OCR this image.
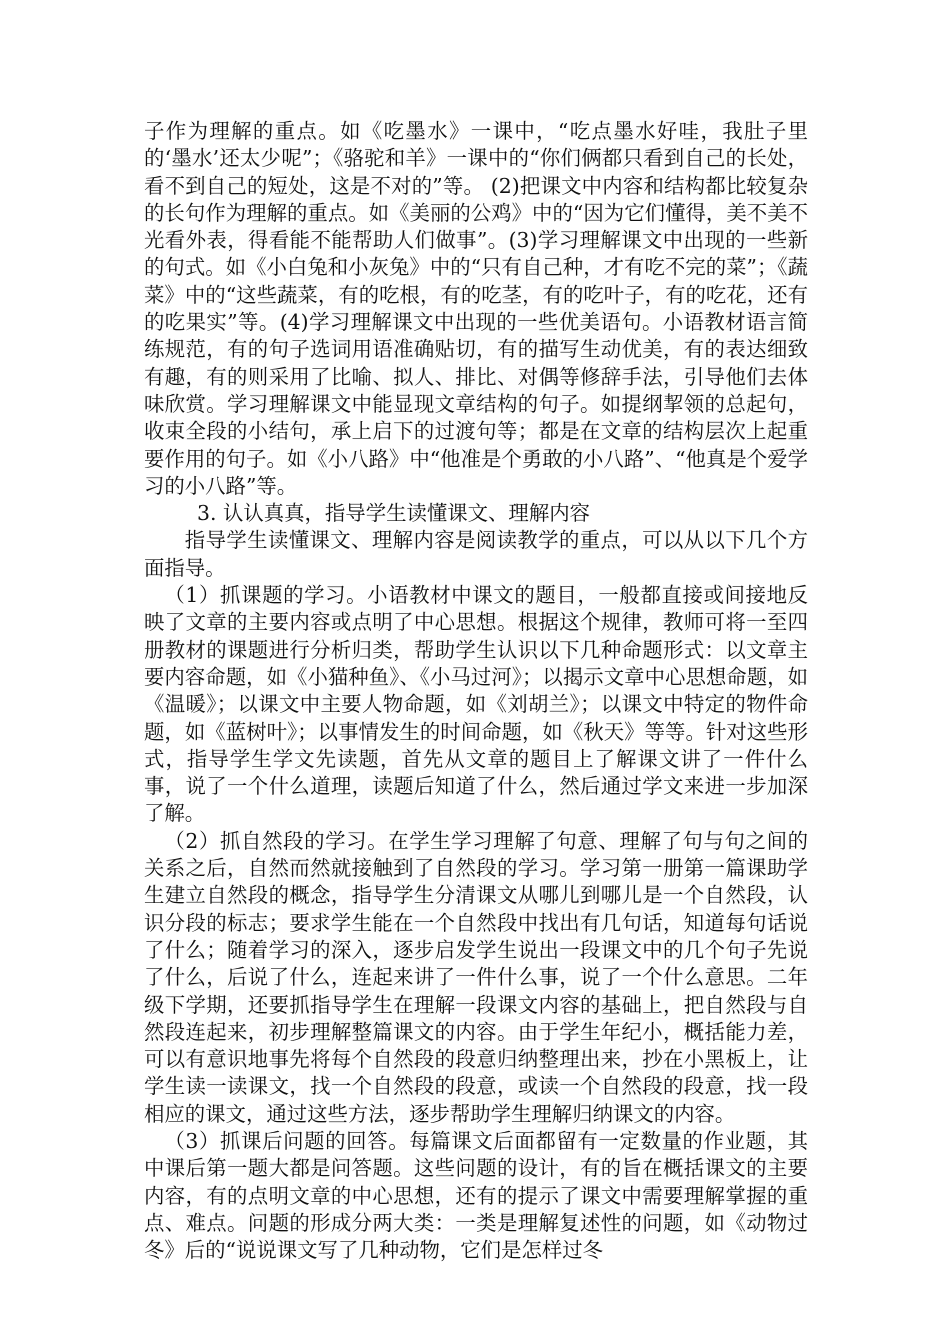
子作为理解的重点。如《吃墨水》一课中，“吃点墨水好哇，我肚子里的‘墨水’还太少呢”；《骆驼和羊》一课中的“你们俩都只看到自己的长处，看不到自己的短处，这是不对的”等。 (2)把课文中内容和结构都比较复杂的长句作为理解的重点。如《美丽的公鸡》中的“因为它们懂得，美不美不光看外表，得看能不能帮助人们做事”。(3)学习理解课文中出现的一些新的句式。如《小白兔和小灰兔》中的“只有自己种，才有吃不完的菜”；《蔬菜》中的“这些蔬菜，有的吃根，有的吃茎，有的吃叶子，有的吃花，还有的吃果实”等。(4)学习理解课文中出现的一些优美语句。小语教材语言简练规范，有的句子选词用语准确贴切，有的描写生动优美，有的表达细致有趣，有的则采用了比喻、拟人、排比、对偶等修辞手法，引导他们去体味欣赏。学习理解课文中能显现文章结构的句子。如提纲挈领的总起句，收束全段的小结句，承上启下的过渡句等；都是在文章的结构层次上起重要作用的句子。如《小八路》中“他准是个勇敢的小八路”、“他真是个爱学习的小八路”等。

3. 认认真真，指导学生读懂课文、理解内容

指导学生读懂课文、理解内容是阅读教学的重点，可以从以下几个方面指导。

（1）抓课题的学习。小语教材中课文的题目，一般都直接或间接地反映了文章的主要内容或点明了中心思想。根据这个规律，教师可将一至四册教材的课题进行分析归类，帮助学生认识以下几种命题形式：以文章主要内容命题，如《小猫种鱼》、《小马过河》；以揭示文章中心思想命题，如《温暖》；以课文中主要人物命题，如《刘胡兰》；以课文中特定的物件命题，如《蓝树叶》；以事情发生的时间命题，如《秋天》等等。针对这些形式，指导学生学文先读题，首先从文章的题目上了解课文讲了一件什么事，说了一个什么道理，读题后知道了什么，然后通过学文来进一步加深了解。

（2）抓自然段的学习。在学生学习理解了句意、理解了句与句之间的关系之后，自然而然就接触到了自然段的学习。学习第一册第一篇课助学生建立自然段的概念，指导学生分清课文从哪儿到哪儿是一个自然段，认识分段的标志；要求学生能在一个自然段中找出有几句话，知道每句话说了什么；随着学习的深入，逐步启发学生说出一段课文中的几个句子先说了什么，后说了什么，连起来讲了一件什么事，说了一个什么意思。二年级下学期，还要抓指导学生在理解一段课文内容的基础上，把自然段与自然段连起来，初步理解整篇课文的内容。由于学生年纪小，概括能力差，可以有意识地事先将每个自然段的段意归纳整理出来，抄在小黑板上，让学生读一读课文，找一个自然段的段意，或读一个自然段的段意，找一段相应的课文，通过这些方法，逐步帮助学生理解归纳课文的内容。

（3）抓课后问题的回答。每篇课文后面都留有一定数量的作业题，其中课后第一题大都是问答题。这些问题的设计，有的旨在概括课文的主要内容，有的点明文章的中心思想，还有的提示了课文中需要理解掌握的重点、难点。问题的形成分两大类：一类是理解复述性的问题，如《动物过冬》后的“说说课文写了几种动物，它们是怎样过冬
